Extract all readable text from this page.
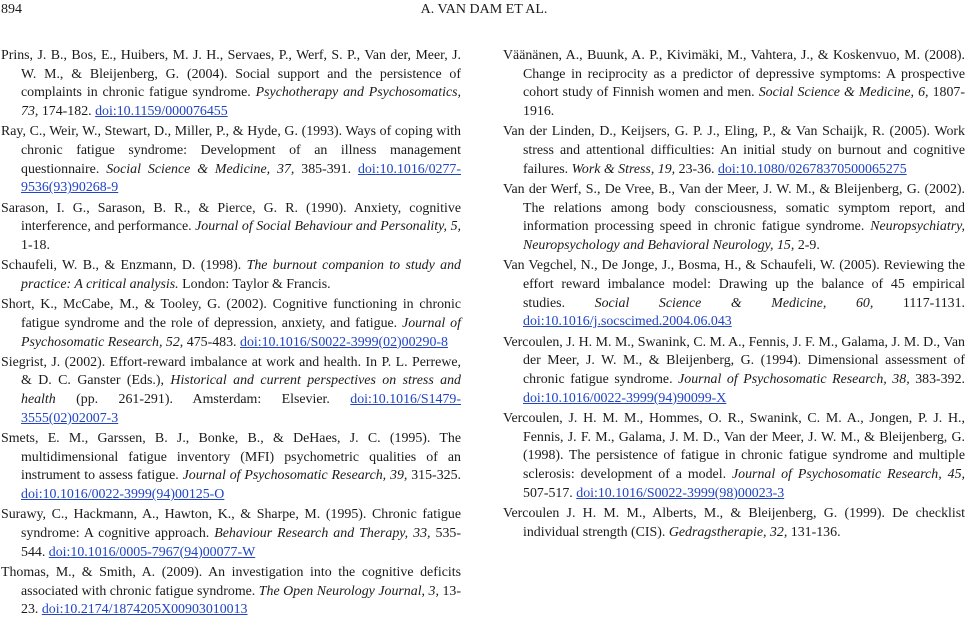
894	A. VAN DAM ET AL.

Prins, J. B., Bos, E., Huibers, M. J. H., Servaes, P., Werf, S. P., Van der, Meer, J. W. M., & Bleijenberg, G. (2004). Social support and the persistence of complaints in chronic fatigue syndrome. Psychotherapy and Psychosomatics, 73, 174-182. doi:10.1159/000076455

Ray, C., Weir, W., Stewart, D., Miller, P., & Hyde, G. (1993). Ways of coping with chronic fatigue syndrome: Development of an illness management questionnaire. Social Science & Medicine, 37, 385-391. doi:10.1016/0277-9536(93)90268-9

Sarason, I. G., Sarason, B. R., & Pierce, G. R. (1990). Anxiety, cognitive interference, and performance. Journal of Social Behaviour and Personality, 5, 1-18.

Schaufeli, W. B., & Enzmann, D. (1998). The burnout companion to study and practice: A critical analysis. London: Taylor & Francis.

Short, K., McCabe, M., & Tooley, G. (2002). Cognitive functioning in chronic fatigue syndrome and the role of depression, anxiety, and fatigue. Journal of Psychosomatic Research, 52, 475-483. doi:10.1016/S0022-3999(02)00290-8

Siegrist, J. (2002). Effort-reward imbalance at work and health. In P. L. Perrewe, & D. C. Ganster (Eds.), Historical and current perspectives on stress and health (pp. 261-291). Amsterdam: Elsevier. doi:10.1016/S1479-3555(02)02007-3

Smets, E. M., Garssen, B. J., Bonke, B., & DeHaes, J. C. (1995). The multidimensional fatigue inventory (MFI) psychometric qualities of an instrument to assess fatigue. Journal of Psychosomatic Research, 39, 315-325. doi:10.1016/0022-3999(94)00125-O

Surawy, C., Hackmann, A., Hawton, K., & Sharpe, M. (1995). Chronic fatigue syndrome: A cognitive approach. Behaviour Research and Therapy, 33, 535-544. doi:10.1016/0005-7967(94)00077-W

Thomas, M., & Smith, A. (2009). An investigation into the cognitive deficits associated with chronic fatigue syndrome. The Open Neurology Journal, 3, 13-23. doi:10.2174/1874205X00903010013

Väänänen, A., Buunk, A. P., Kivimäki, M., Vahtera, J., & Koskenvuo, M. (2008). Change in reciprocity as a predictor of depressive symptoms: A prospective cohort study of Finnish women and men. Social Science & Medicine, 6, 1807-1916.

Van der Linden, D., Keijsers, G. P. J., Eling, P., & Van Schaijk, R. (2005). Work stress and attentional difficulties: An initial study on burnout and cognitive failures. Work & Stress, 19, 23-36. doi:10.1080/02678370500065275

Van der Werf, S., De Vree, B., Van der Meer, J. W. M., & Bleijenberg, G. (2002). The relations among body consciousness, somatic symptom report, and information processing speed in chronic fatigue syndrome. Neuropsychiatry, Neuropsychology and Behavioral Neurology, 15, 2-9.

Van Vegchel, N., De Jonge, J., Bosma, H., & Schaufeli, W. (2005). Reviewing the effort reward imbalance model: Drawing up the balance of 45 empirical studies. Social Science & Medicine, 60, 1117-1131. doi:10.1016/j.socscimed.2004.06.043

Vercoulen, J. H. M. M., Swanink, C. M. A., Fennis, J. F. M., Galama, J. M. D., Van der Meer, J. W. M., & Bleijenberg, G. (1994). Dimensional assessment of chronic fatigue syndrome. Journal of Psychosomatic Research, 38, 383-392. doi:10.1016/0022-3999(94)90099-X

Vercoulen, J. H. M. M., Hommes, O. R., Swanink, C. M. A., Jongen, P. J. H., Fennis, J. F. M., Galama, J. M. D., Van der Meer, J. W. M., & Bleijenberg, G. (1998). The persistence of fatigue in chronic fatigue syndrome and multiple sclerosis: development of a model. Journal of Psychosomatic Research, 45, 507-517. doi:10.1016/S0022-3999(98)00023-3

Vercoulen J. H. M. M., Alberts, M., & Bleijenberg, G. (1999). De checklist individual strength (CIS). Gedragstherapie, 32, 131-136.
